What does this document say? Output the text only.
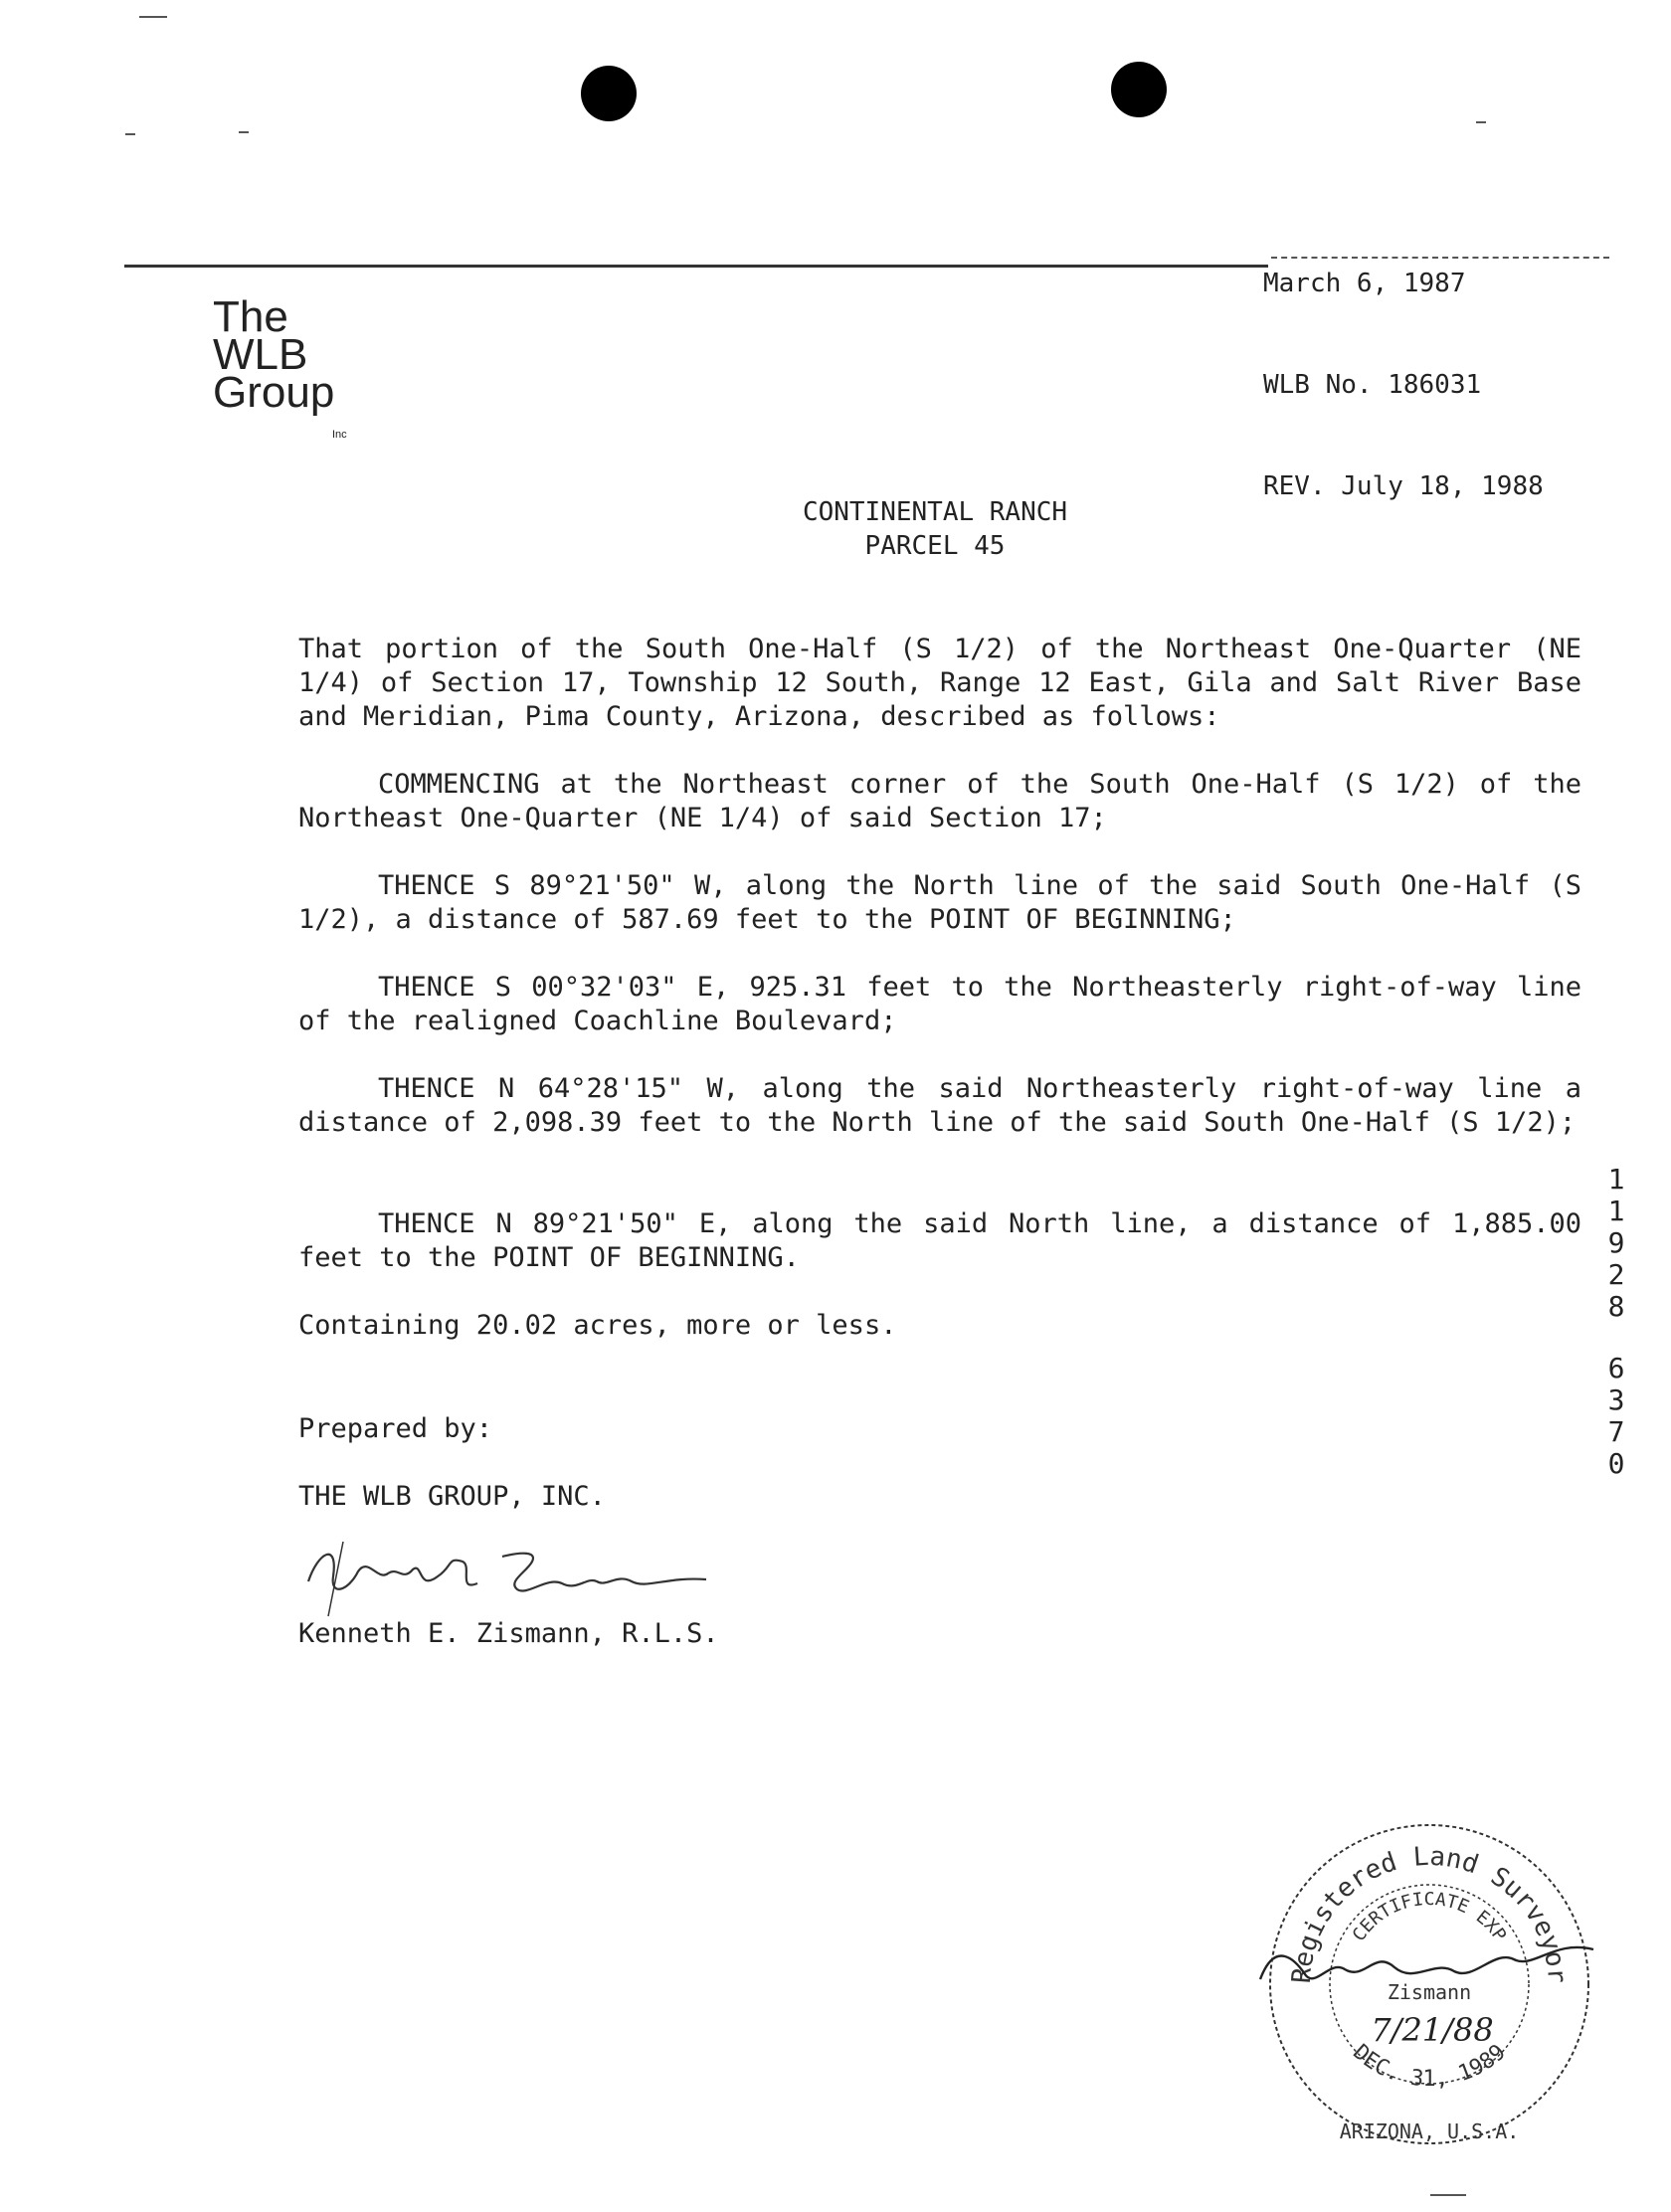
March 6, 1987

WLB No. 186031

REV. July 18, 1988

The
WLB
Group
Inc
CONTINENTAL RANCH
PARCEL 45
That portion of the South One-Half (S 1/2) of the Northeast One-Quarter (NE 1/4) of Section 17, Township 12 South, Range 12 East, Gila and Salt River Base and Meridian, Pima County, Arizona, described as follows:
COMMENCING at the Northeast corner of the South One-Half (S 1/2) of the Northeast One-Quarter (NE 1/4) of said Section 17;
THENCE S 89°21'50" W, along the North line of the said South One-Half (S 1/2), a distance of 587.69 feet to the POINT OF BEGINNING;
THENCE S 00°32'03" E, 925.31 feet to the Northeasterly right-of-way line of the realigned Coachline Boulevard;
THENCE N 64°28'15" W, along the said Northeasterly right-of-way line a distance of 2,098.39 feet to the North line of the said South One-Half (S 1/2);
THENCE N 89°21'50" E, along the said North line, a distance of 1,885.00 feet to the POINT OF BEGINNING.
Containing 20.02 acres, more or less.
Prepared by:
THE WLB GROUP, INC.
Kenneth E. Zismann, R.L.S.
1
1
9
2
8
6
3
7
0
Registered Land Surveyor
CERTIFICATE EXP
Zismann
7/21/88
DEC. 31, 1989
ARIZONA, U.S.A.
